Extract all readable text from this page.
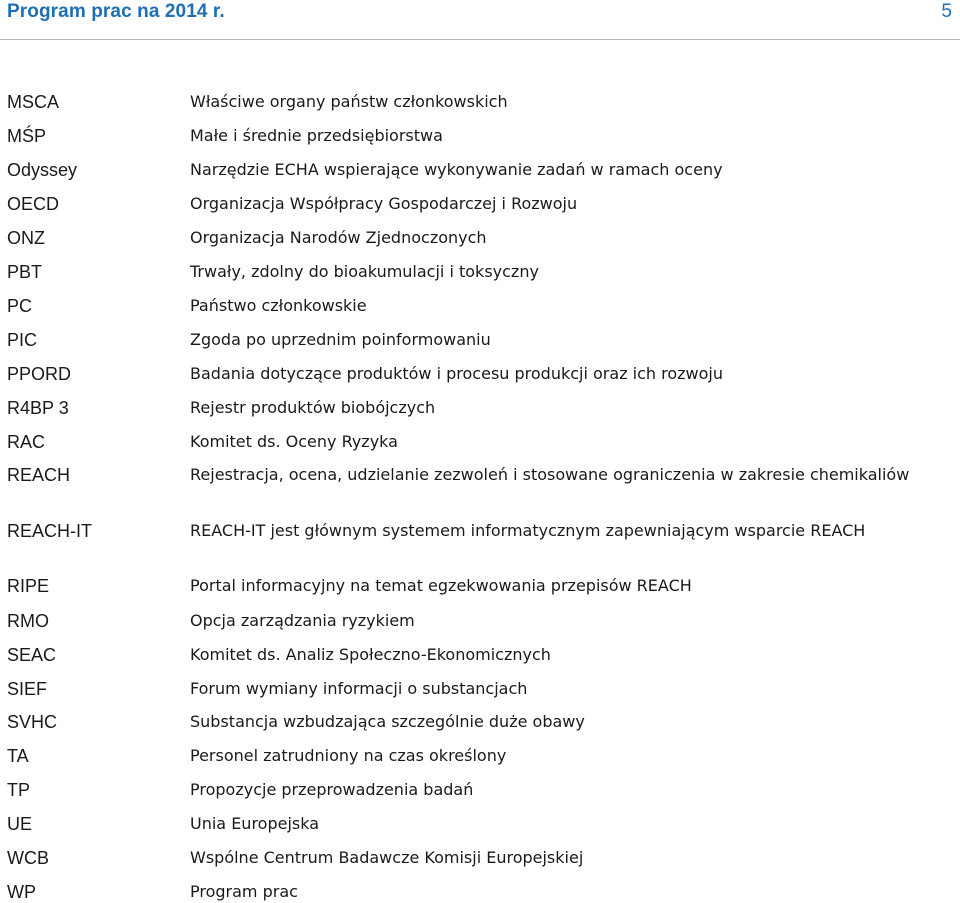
Program prac na 2014 r.	5
MSCA	Właściwe organy państw członkowskich
MŚP	Małe i średnie przedsiębiorstwa
Odyssey	Narzędzie ECHA wspierające wykonywanie zadań w ramach oceny
OECD	Organizacja Współpracy Gospodarczej i Rozwoju
ONZ	Organizacja Narodów Zjednoczonych
PBT	Trwały, zdolny do bioakumulacji i toksyczny
PC	Państwo członkowskie
PIC	Zgoda po uprzednim poinformowaniu
PPORD	Badania dotyczące produktów i procesu produkcji oraz ich rozwoju
R4BP 3	Rejestr produktów biobójczych
RAC	Komitet ds. Oceny Ryzyka
REACH	Rejestracja, ocena, udzielanie zezwoleń i stosowane ograniczenia w zakresie chemikaliów
REACH-IT	REACH-IT jest głównym systemem informatycznym zapewniającym wsparcie REACH
RIPE	Portal informacyjny na temat egzekwowania przepisów REACH
RMO	Opcja zarządzania ryzykiem
SEAC	Komitet ds. Analiz Społeczno-Ekonomicznych
SIEF	Forum wymiany informacji o substancjach
SVHC	Substancja wzbudzająca szczególnie duże obawy
TA	Personel zatrudniony na czas określony
TP	Propozycje przeprowadzenia badań
UE	Unia Europejska
WCB	Wspólne Centrum Badawcze Komisji Europejskiej
WP	Program prac
